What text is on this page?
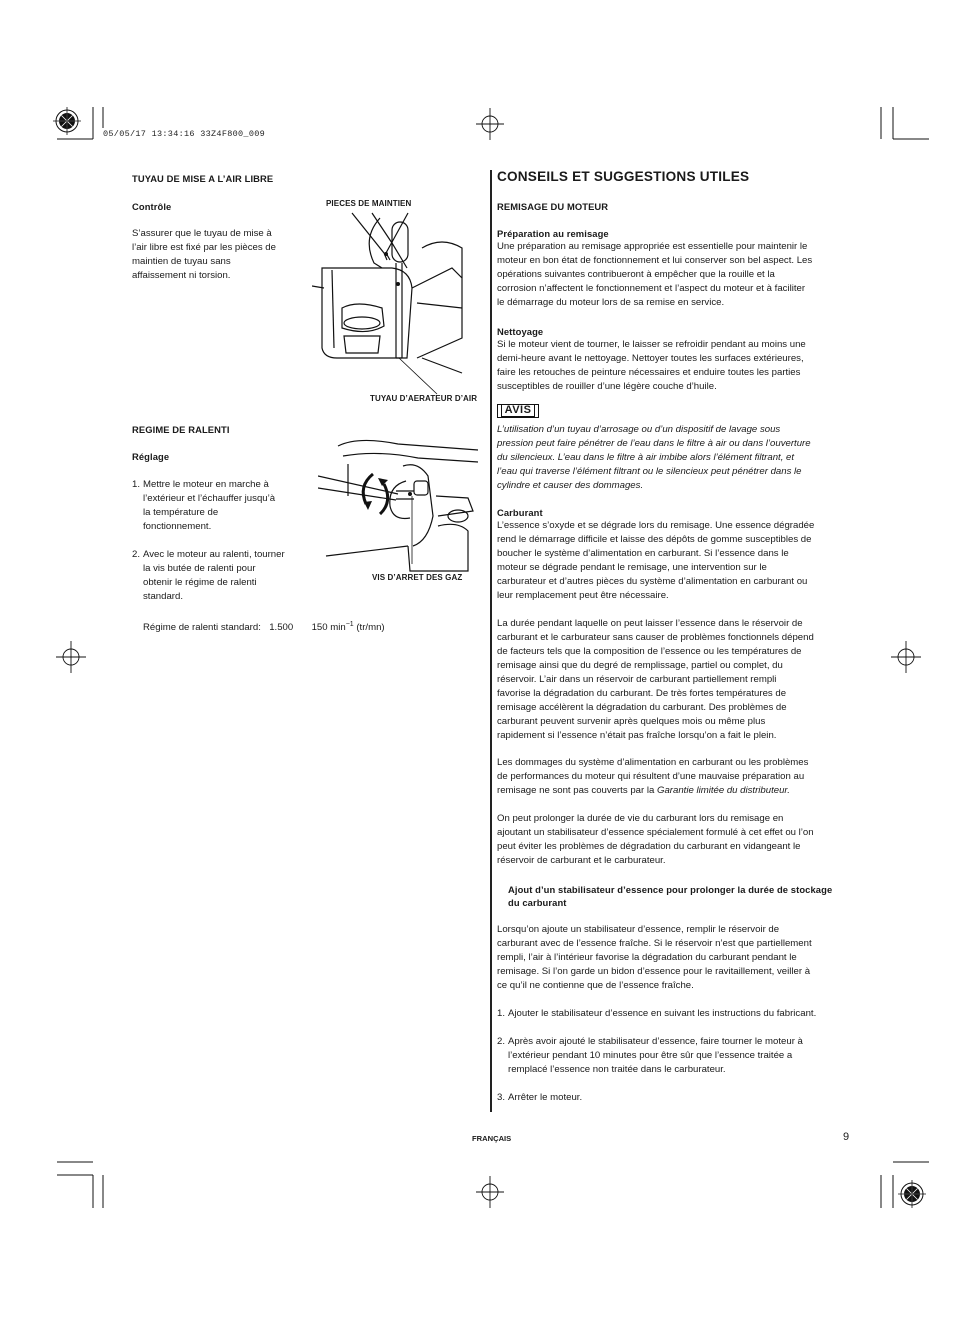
05/05/17 13:34:16 33Z4F800_009
TUYAU DE MISE A L’AIR LIBRE
Contrôle
S’assurer que le tuyau de mise à
l’air libre est fixé par les pièces de
maintien de tuyau sans
affaissement ni torsion.
PIECES DE MAINTIEN
TUYAU D’AERATEUR D’AIR
REGIME DE RALENTI
Réglage
1. Mettre le moteur en marche à
l’extérieur et l’échauffer jusqu’à
la température de
fonctionnement.
2. Avec le moteur au ralenti, tourner
la vis butée de ralenti pour
obtenir le régime de ralenti
standard.
Régime de ralenti standard: 1.500 150 $\min^{-1} (tr/mn)$
VIS D’ARRET DES GAZ
CONSEILS ET SUGGESTIONS UTILES
REMISAGE DU MOTEUR
Préparation au remisage
Une préparation au remisage appropriée est essentielle pour maintenir le
moteur en bon état de fonctionnement et lui conserver son bel aspect. Les
opérations suivantes contribueront à empêcher que la rouille et la
corrosion n’affectent le fonctionnement et l’aspect du moteur et à faciliter
le démarrage du moteur lors de sa remise en service.
Nettoyage
Si le moteur vient de tourner, le laisser se refroidir pendant au moins une
demi-heure avant le nettoyage. Nettoyer toutes les surfaces extérieures,
faire les retouches de peinture nécessaires et enduire toutes les parties
susceptibles de rouiller d’une légère couche d’huile.
AVIS
L’utilisation d’un tuyau d’arrosage ou d’un dispositif de lavage sous
pression peut faire pénétrer de l’eau dans le filtre à air ou dans l’ouverture
du silencieux. L’eau dans le filtre à air imbibe alors l’élément filtrant, et
l’eau qui traverse l’élément filtrant ou le silencieux peut pénétrer dans le
cylindre et causer des dommages.
Carburant
L’essence s’oxyde et se dégrade lors du remisage. Une essence dégradée
rend le démarrage difficile et laisse des dépôts de gomme susceptibles de
boucher le système d’alimentation en carburant. Si l’essence dans le
moteur se dégrade pendant le remisage, une intervention sur le
carburateur et d’autres pièces du système d’alimentation en carburant ou
leur remplacement peut être nécessaire.
La durée pendant laquelle on peut laisser l’essence dans le réservoir de
carburant et le carburateur sans causer de problèmes fonctionnels dépend
de facteurs tels que la composition de l’essence ou les températures de
remisage ainsi que du degré de remplissage, partiel ou complet, du
réservoir. L’air dans un réservoir de carburant partiellement rempli
favorise la dégradation du carburant. De très fortes températures de
remisage accélèrent la dégradation du carburant. Des problèmes de
carburant peuvent survenir après quelques mois ou même plus
rapidement si l’essence n’était pas fraîche lorsqu’on a fait le plein.
Les dommages du système d’alimentation en carburant ou les problèmes
de performances du moteur qui résultent d’une mauvaise préparation au
remisage ne sont pas couverts par la Garantie limitée du distributeur.
On peut prolonger la durée de vie du carburant lors du remisage en
ajoutant un stabilisateur d’essence spécialement formulé à cet effet ou l’on
peut éviter les problèmes de dégradation du carburant en vidangeant le
réservoir de carburant et le carburateur.
Ajout d’un stabilisateur d’essence pour prolonger la durée de stockage
du carburant
Lorsqu’on ajoute un stabilisateur d’essence, remplir le réservoir de
carburant avec de l’essence fraîche. Si le réservoir n’est que partiellement
rempli, l’air à l’intérieur favorise la dégradation du carburant pendant le
remisage. Si l’on garde un bidon d’essence pour le ravitaillement, veiller à
ce qu’il ne contienne que de l’essence fraîche.
1. Ajouter le stabilisateur d’essence en suivant les instructions du fabricant.
2. Après avoir ajouté le stabilisateur d’essence, faire tourner le moteur à
l’extérieur pendant 10 minutes pour être sûr que l’essence traitée a
remplacé l’essence non traitée dans le carburateur.
3. Arrêter le moteur.
FRANÇAIS	9
